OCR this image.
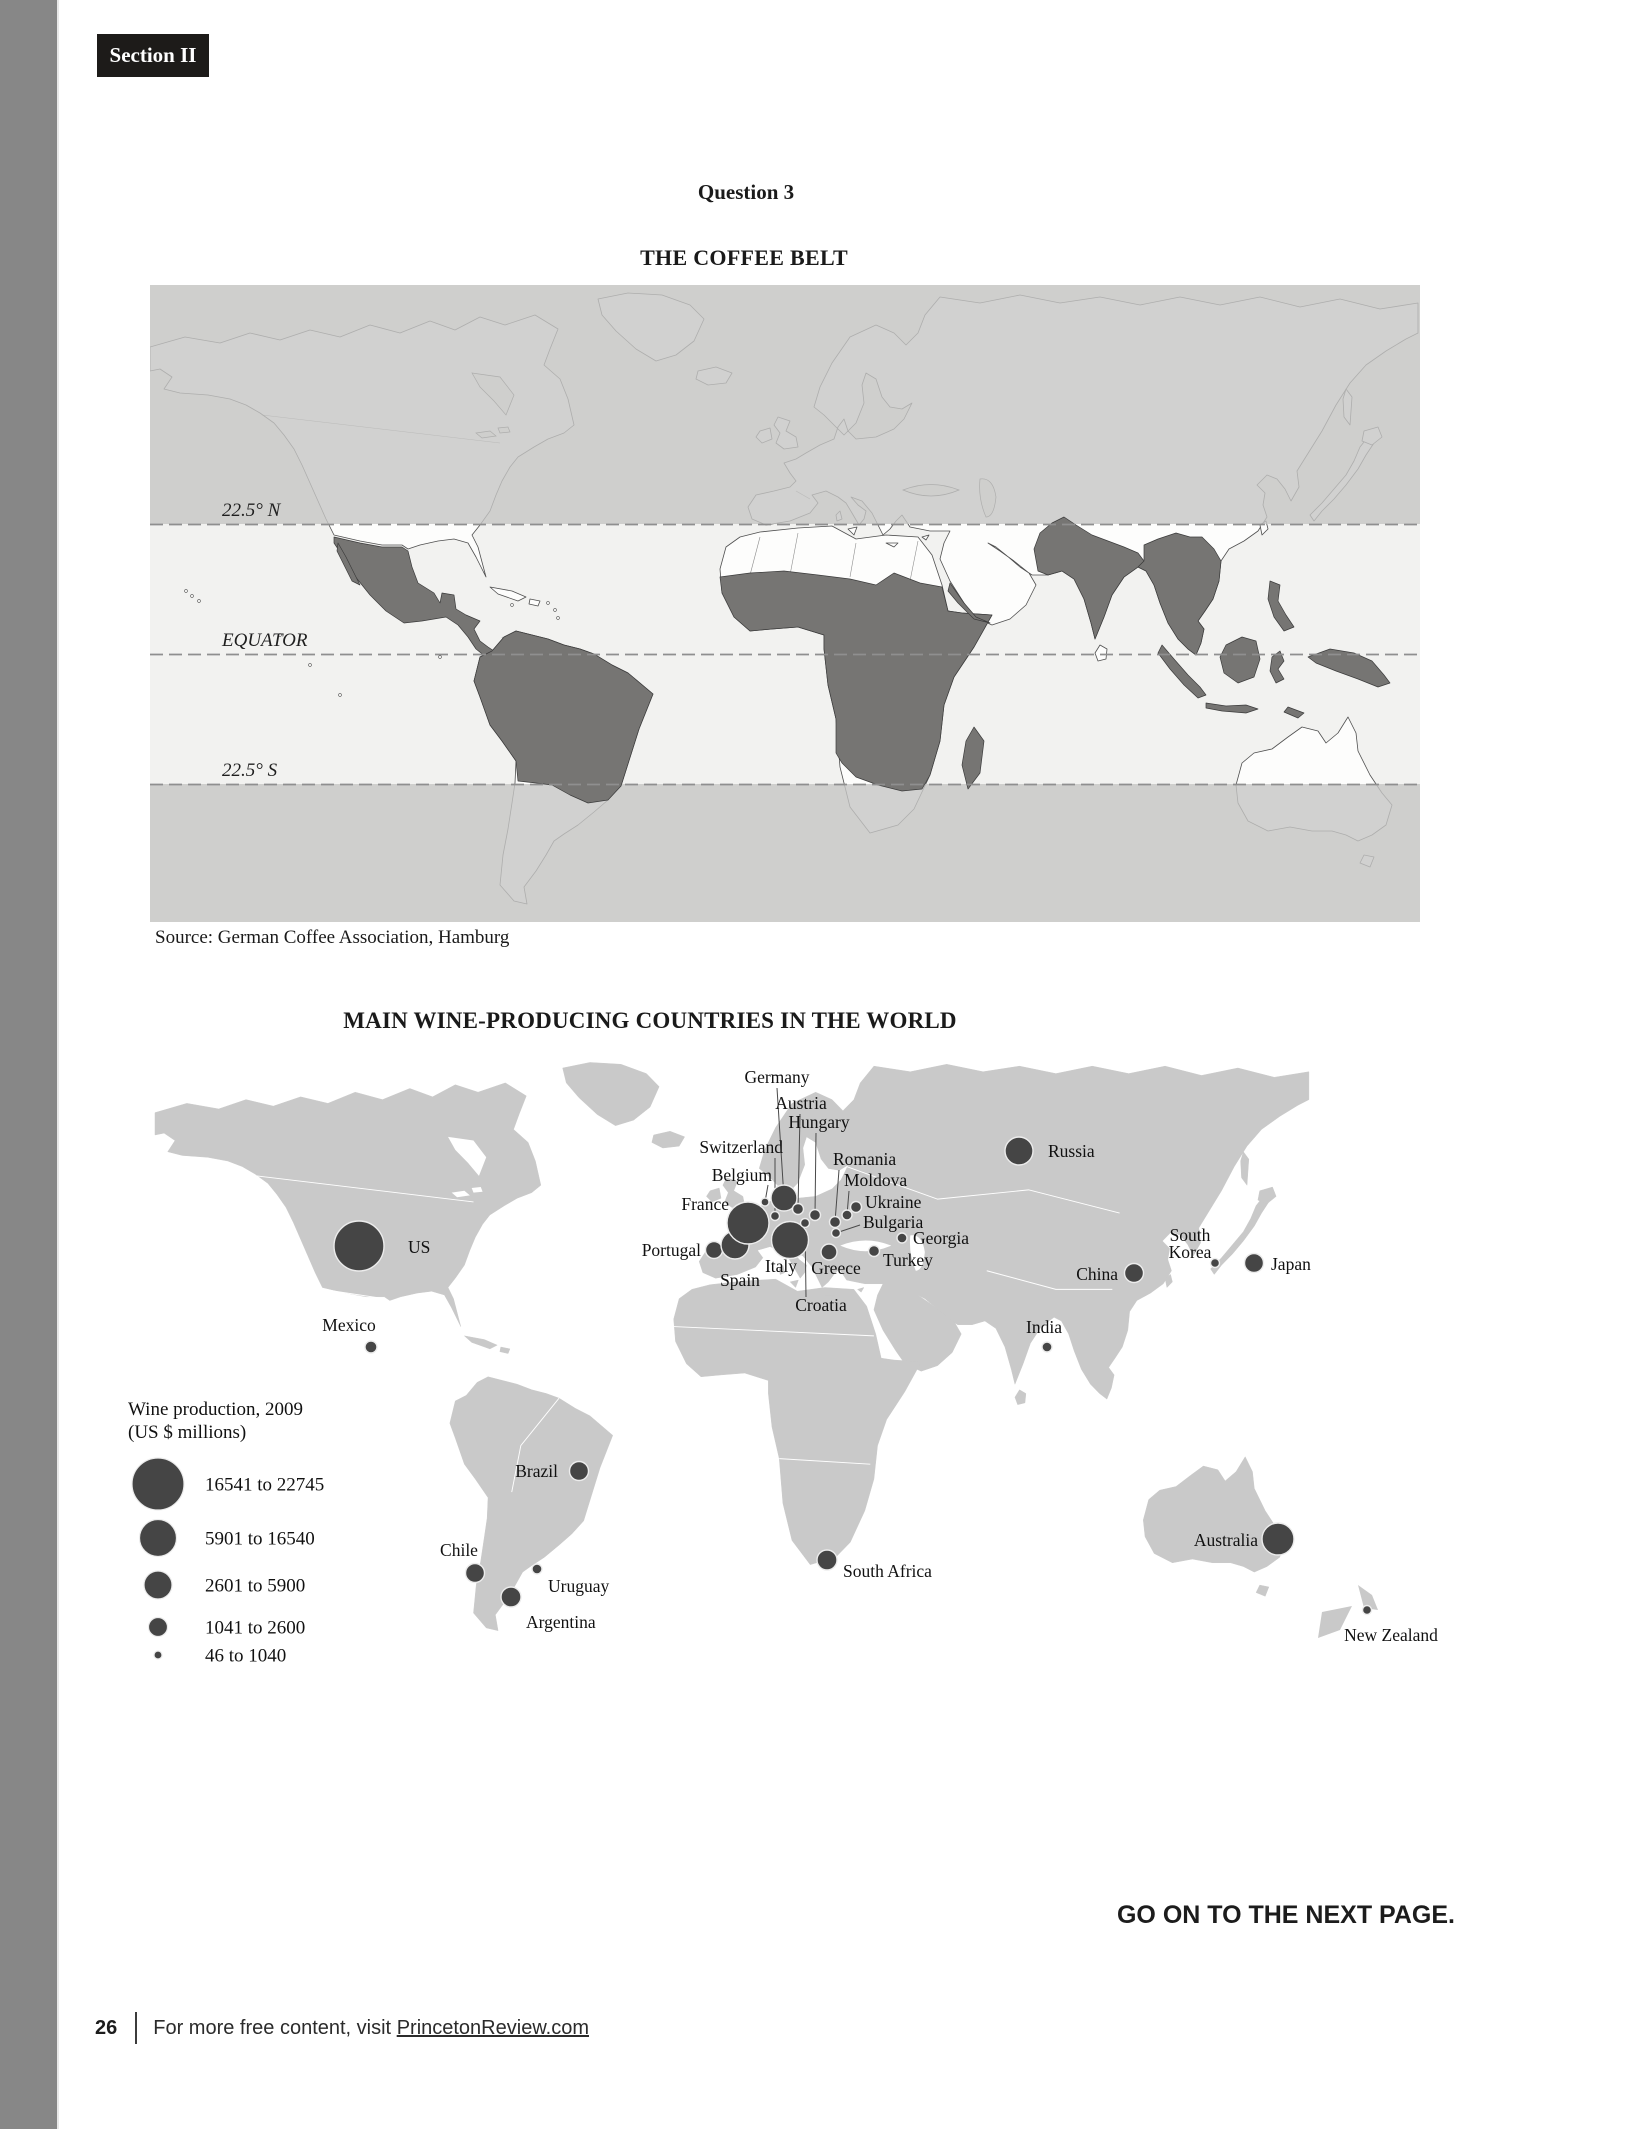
Section II
Question 3
THE COFFEE BELT
22.5° N
EQUATOR
22.5° S
Source: German Coffee Association, Hamburg
MAIN WINE-PRODUCING COUNTRIES IN THE WORLD
US
Mexico
Brazil
Chile
Uruguay
Argentina
Portugal
Spain
France
Belgium
Switzerland
Germany
Italy
Austria
Croatia
Hungary
Greece
Romania
Bulgaria
Moldova
Ukraine
Turkey
Georgia
Russia
India
China
South Korea
Japan
South Africa
Australia
New Zealand
Wine production, 2009
(US $ millions)
16541 to 22745
5901 to 16540
2601 to 5900
1041 to 2600
46 to 1040
GO ON TO THE NEXT PAGE.
26 For more free content, visit
PrincetonReview.com
